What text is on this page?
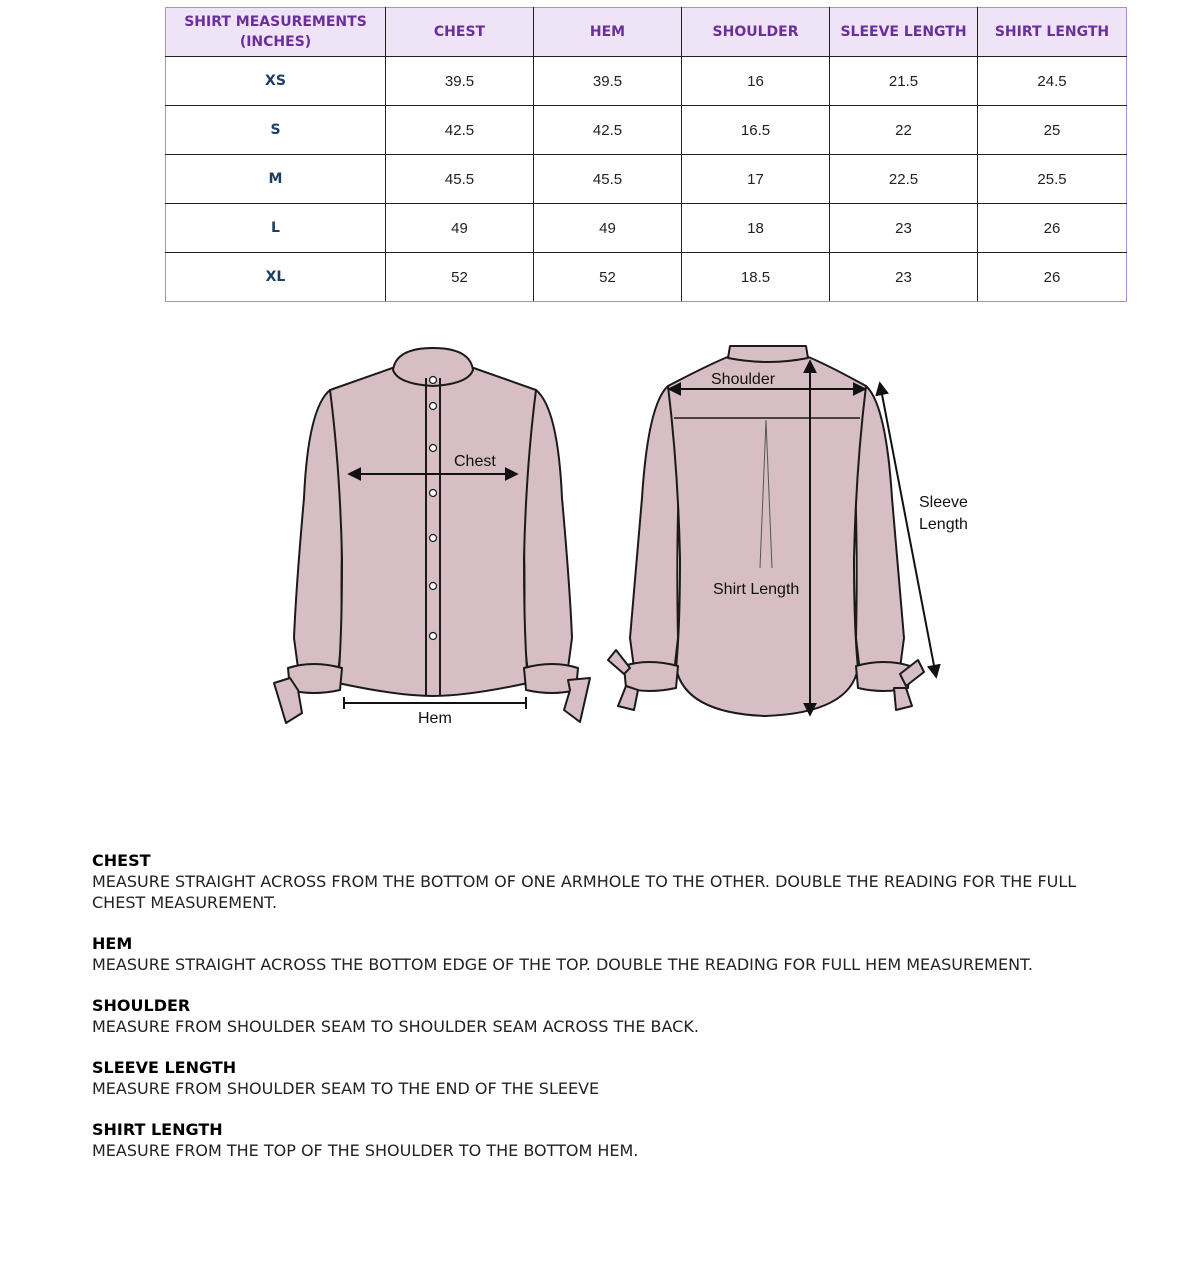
SHIRT MEASUREMENTS (INCHES)	CHEST	HEM	SHOULDER	SLEEVE LENGTH	SHIRT LENGTH
XS	39.5	39.5	16	21.5	24.5
S	42.5	42.5	16.5	22	25
M	45.5	45.5	17	22.5	25.5
L	49	49	18	23	26
XL	52	52	18.5	23	26
Chest
Hem
Shoulder
Shirt Length
Sleeve
Length
CHEST
MEASURE STRAIGHT ACROSS FROM THE BOTTOM OF ONE ARMHOLE TO THE OTHER. DOUBLE THE READING FOR THE FULL CHEST MEASUREMENT.
HEM
MEASURE STRAIGHT ACROSS THE BOTTOM EDGE OF THE TOP. DOUBLE THE READING FOR FULL HEM MEASUREMENT.
SHOULDER
MEASURE FROM SHOULDER SEAM TO SHOULDER SEAM ACROSS THE BACK.
SLEEVE LENGTH
MEASURE FROM SHOULDER SEAM TO THE END OF THE SLEEVE
SHIRT LENGTH
MEASURE FROM THE TOP OF THE SHOULDER TO THE BOTTOM HEM.
